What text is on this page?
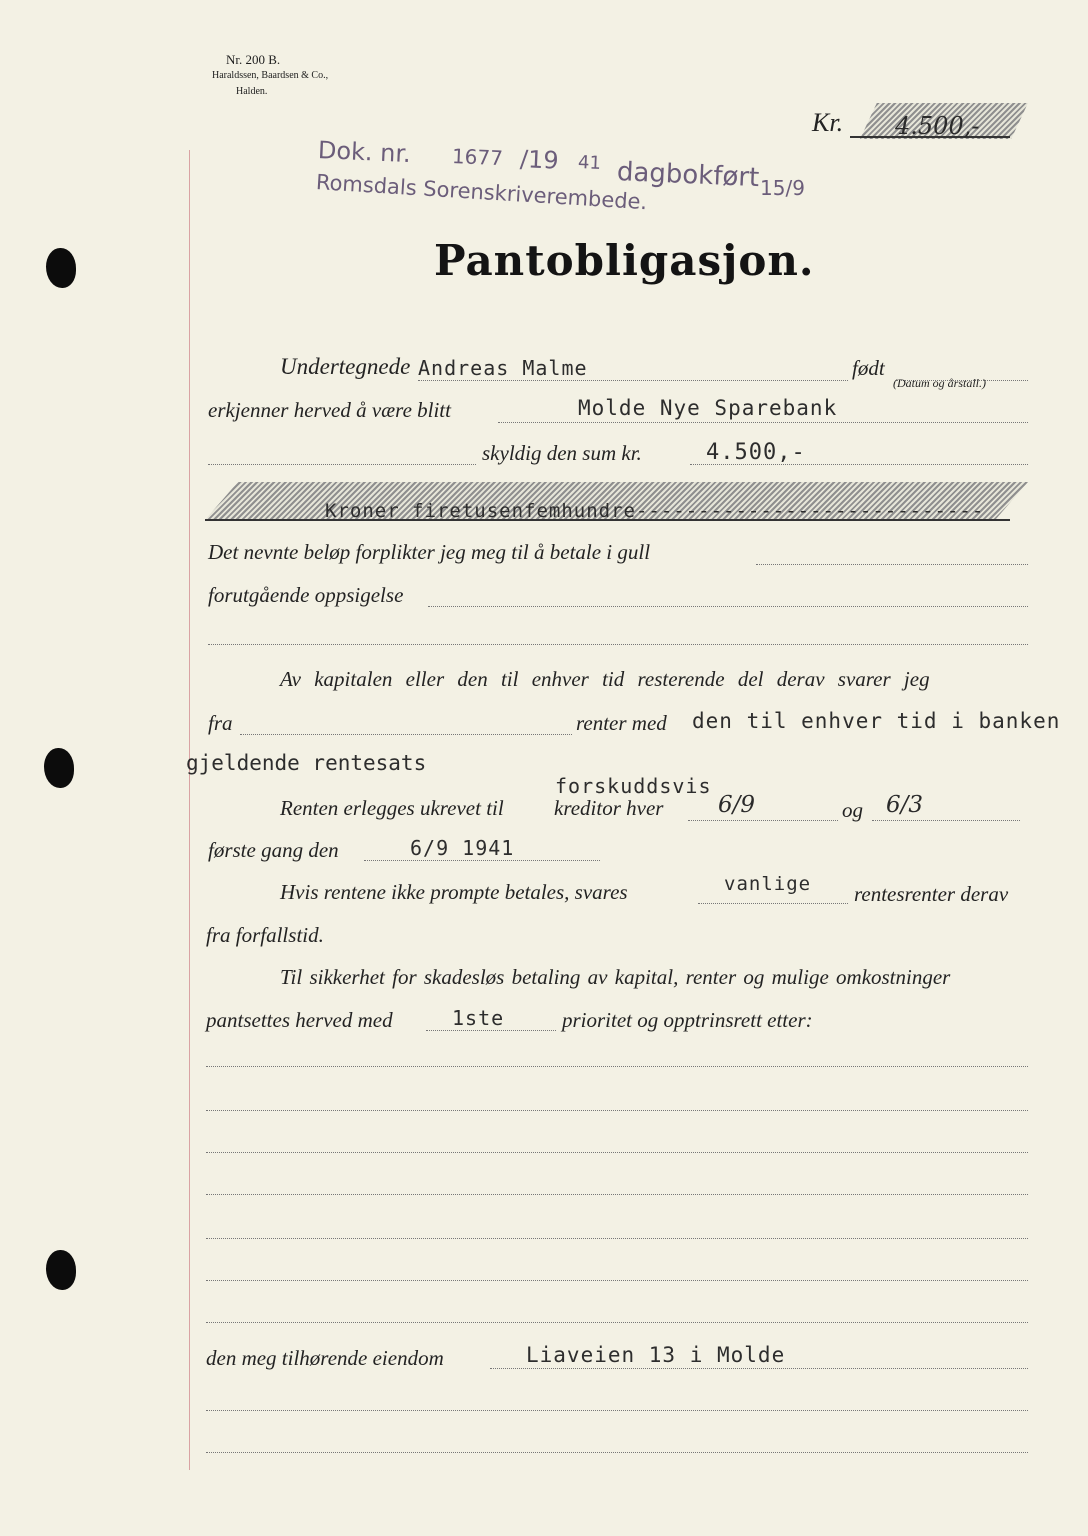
Nr. 200 B.
Haraldssen, Baardsen & Co.,
Halden.
Kr. 4.500,-
Dok. nr. 1677 /19 41 dagbokført 15/9
Romsdals Sorenskriverembede.
Pantobligasjon.
Undertegnede Andreas Malme	født
(Datum og årstall.)
erkjenner herved å være blitt	Molde Nye Sparebank
skyldig den sum kr.	4.500,-
Kroner firetusenfemhundre----------------------------
Det nevnte beløp forplikter jeg meg til å betale i gull
forutgående oppsigelse
Av kapitalen eller den til enhver tid resterende del derav svarer jeg
fra	renter med den til enhver tid i banken
gjeldende rentesats
forskuddsvis
Renten erlegges ukrevet til kreditor hver 6/9	og 6/3
første gang den	6/9 1941
Hvis rentene ikke prompte betales, svares	vanlige rentesrenter derav
fra forfallstid.
Til sikkerhet for skadesløs betaling av kapital, renter og mulige omkostninger
pantsettes herved med	1ste	prioritet og opptrinsrett etter:
den meg tilhørende eiendom	Liaveien 13 i Molde
